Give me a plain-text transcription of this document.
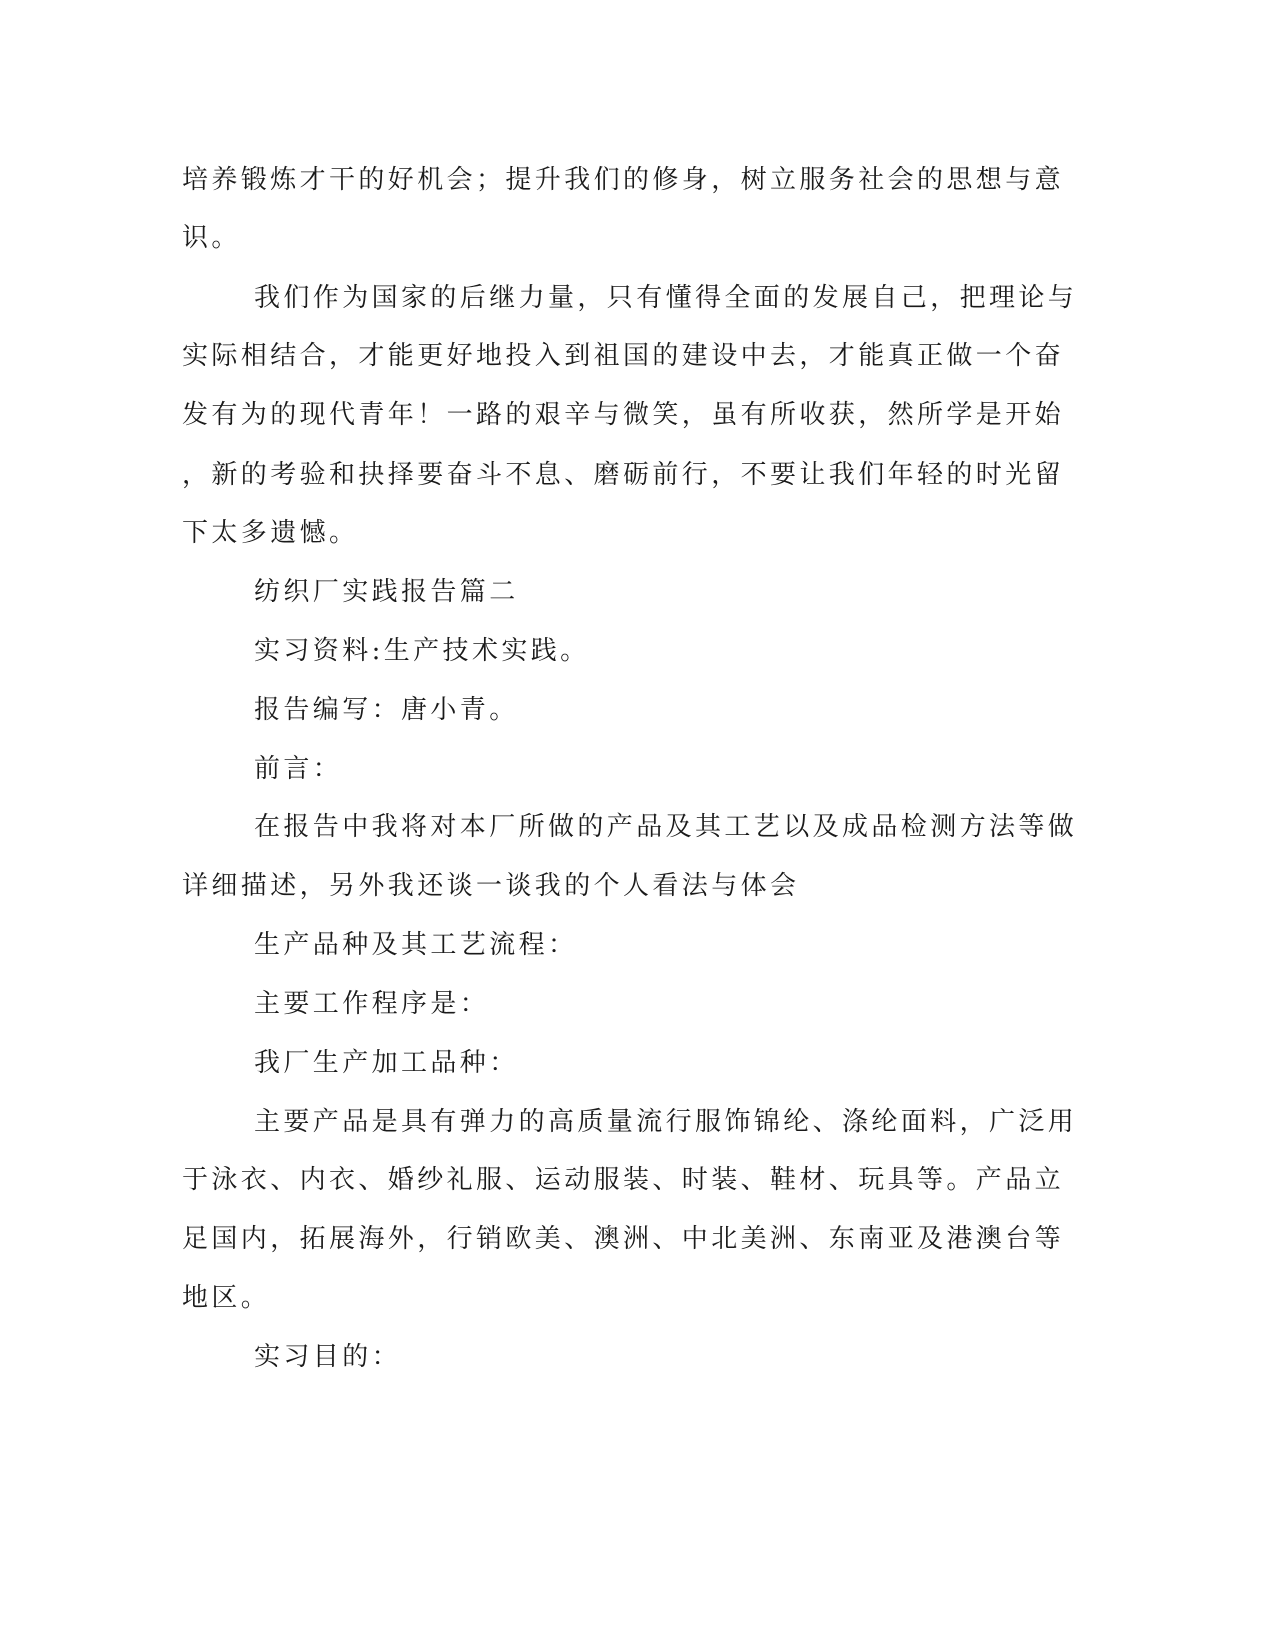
培养锻炼才干的好机会；提升我们的修身，树立服务社会的思想与意
识。
我们作为国家的后继力量，只有懂得全面的发展自己，把理论与
实际相结合，才能更好地投入到祖国的建设中去，才能真正做一个奋
发有为的现代青年！一路的艰辛与微笑，虽有所收获，然所学是开始
，新的考验和抉择要奋斗不息、磨砺前行，不要让我们年轻的时光留
下太多遗憾。
纺织厂实践报告篇二
实习资料:生产技术实践。
报告编写：唐小青。
前言：
在报告中我将对本厂所做的产品及其工艺以及成品检测方法等做
详细描述，另外我还谈一谈我的个人看法与体会
生产品种及其工艺流程：
主要工作程序是：
我厂生产加工品种：
主要产品是具有弹力的高质量流行服饰锦纶、涤纶面料，广泛用
于泳衣、内衣、婚纱礼服、运动服装、时装、鞋材、玩具等。产品立
足国内，拓展海外，行销欧美、澳洲、中北美洲、东南亚及港澳台等
地区。
实习目的：
